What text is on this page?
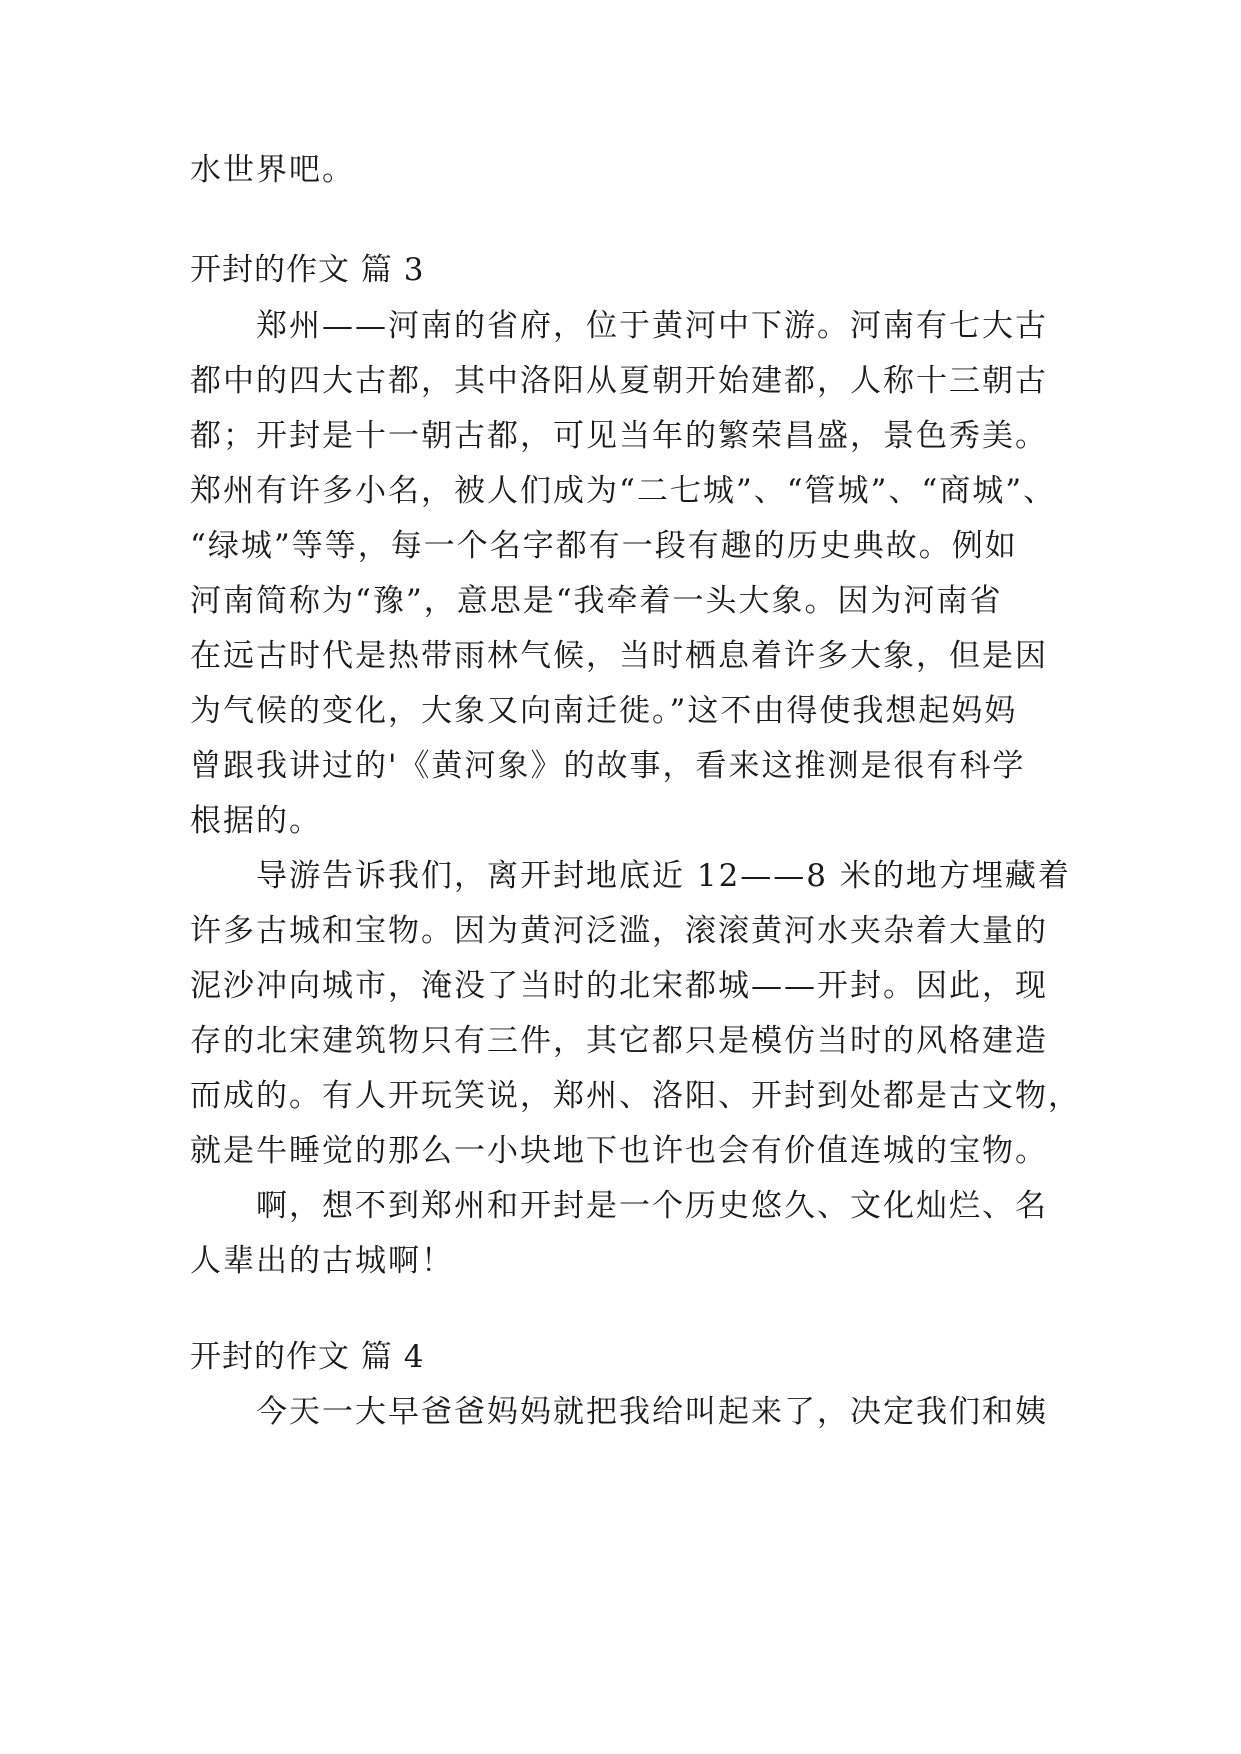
水世界吧。
开封的作文 篇 3
郑州——河南的省府，位于黄河中下游。河南有七大古
都中的四大古都，其中洛阳从夏朝开始建都，人称十三朝古
都；开封是十一朝古都，可见当年的繁荣昌盛，景色秀美。
郑州有许多小名，被人们成为“二七城”、“管城”、“商城”、
“绿城”等等，每一个名字都有一段有趣的历史典故。例如
河南简称为“豫”，意思是“我牵着一头大象。因为河南省
在远古时代是热带雨林气候，当时栖息着许多大象，但是因
为气候的变化，大象又向南迁徙。”这不由得使我想起妈妈
曾跟我讲过的'《黄河象》的故事，看来这推测是很有科学
根据的。
导游告诉我们，离开封地底近 12——8 米的地方埋藏着
许多古城和宝物。因为黄河泛滥，滚滚黄河水夹杂着大量的
泥沙冲向城市，淹没了当时的北宋都城——开封。因此，现
存的北宋建筑物只有三件，其它都只是模仿当时的风格建造
而成的。有人开玩笑说，郑州、洛阳、开封到处都是古文物，
就是牛睡觉的那么一小块地下也许也会有价值连城的宝物。
啊，想不到郑州和开封是一个历史悠久、文化灿烂、名
人辈出的古城啊！
开封的作文 篇 4
今天一大早爸爸妈妈就把我给叫起来了，决定我们和姨
